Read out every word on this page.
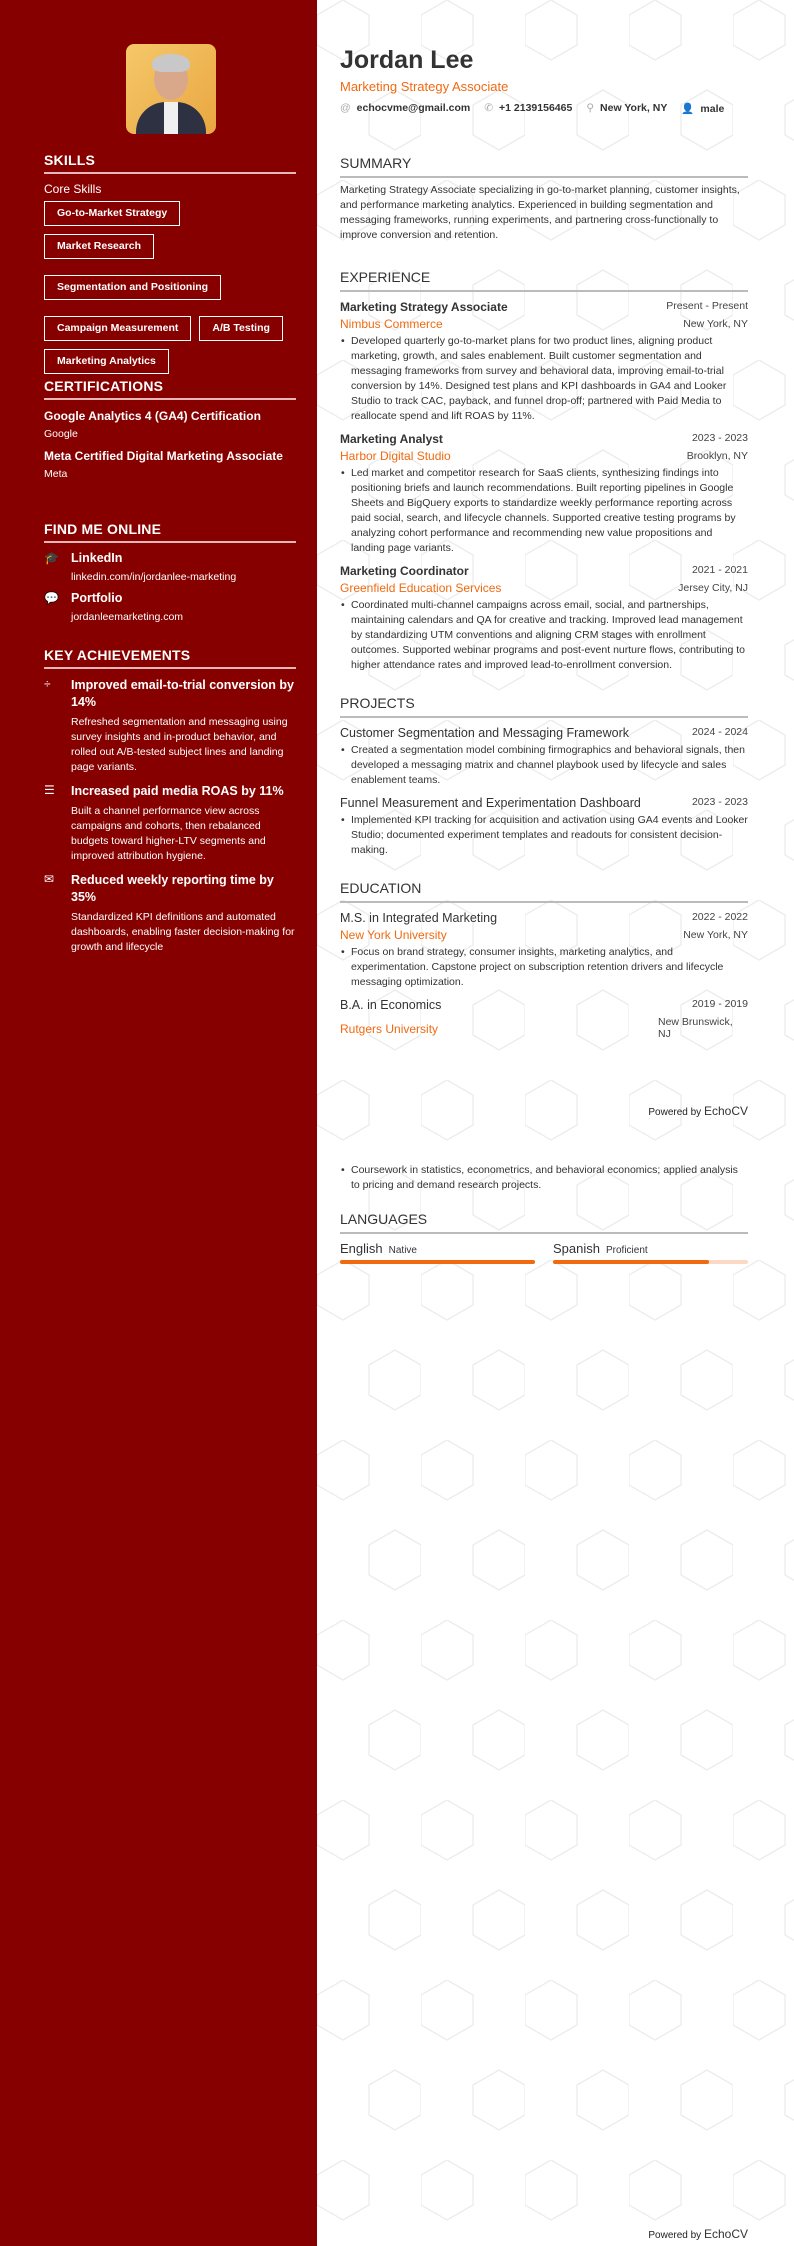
SKILLS
Core Skills
Go-to-Market Strategy
Market Research
Segmentation and Positioning
Campaign Measurement	A/B Testing
Marketing Analytics
CERTIFICATIONS
Google Analytics 4 (GA4) Certification
Google
Meta Certified Digital Marketing Associate
Meta
FIND ME ONLINE
🎓 LinkedIn
linkedin.com/in/jordanlee-marketing
💬 Portfolio
jordanleemarketing.com
KEY ACHIEVEMENTS
÷	Improved email-to-trial conversion by 14%
Refreshed segmentation and messaging using survey insights and in-product behavior, and rolled out A/B-tested subject lines and landing page variants.
☰	Increased paid media ROAS by 11%
Built a channel performance view across campaigns and cohorts, then rebalanced budgets toward higher-LTV segments and improved attribution hygiene.
✉	Reduced weekly reporting time by 35%
Standardized KPI definitions and automated dashboards, enabling faster decision-making for growth and lifecycle
Jordan Lee
Marketing Strategy Associate
@ echocvme@gmail.com ✆ +1 2139156465 ⚲ New York, NY 👤 male
SUMMARY
Marketing Strategy Associate specializing in go-to-market planning, customer insights, and performance marketing analytics. Experienced in building segmentation and messaging frameworks, running experiments, and partnering cross-functionally to improve conversion and retention.
EXPERIENCE
Marketing Strategy Associate	Present - Present
Nimbus Commerce	New York, NY
• Developed quarterly go-to-market plans for two product lines, aligning product marketing, growth, and sales enablement. Built customer segmentation and messaging frameworks from survey and behavioral data, improving email-to-trial conversion by 14%. Designed test plans and KPI dashboards in GA4 and Looker Studio to track CAC, payback, and funnel drop-off; partnered with Paid Media to reallocate spend and lift ROAS by 11%.
Marketing Analyst	2023 - 2023
Harbor Digital Studio	Brooklyn, NY
• Led market and competitor research for SaaS clients, synthesizing findings into positioning briefs and launch recommendations. Built reporting pipelines in Google Sheets and BigQuery exports to standardize weekly performance reporting across paid social, search, and lifecycle channels. Supported creative testing programs by analyzing cohort performance and recommending new value propositions and landing page variants.
Marketing Coordinator	2021 - 2021
Greenfield Education Services	Jersey City, NJ
• Coordinated multi-channel campaigns across email, social, and partnerships, maintaining calendars and QA for creative and tracking. Improved lead management by standardizing UTM conventions and aligning CRM stages with enrollment outcomes. Supported webinar programs and post-event nurture flows, contributing to higher attendance rates and improved lead-to-enrollment conversion.
PROJECTS
Customer Segmentation and Messaging Framework	2024 - 2024
• Created a segmentation model combining firmographics and behavioral signals, then developed a messaging matrix and channel playbook used by lifecycle and sales enablement teams.
Funnel Measurement and Experimentation Dashboard	2023 - 2023
• Implemented KPI tracking for acquisition and activation using GA4 events and Looker Studio; documented experiment templates and readouts for consistent decision-making.
EDUCATION
M.S. in Integrated Marketing	2022 - 2022
New York University	New York, NY
• Focus on brand strategy, consumer insights, marketing analytics, and experimentation. Capstone project on subscription retention drivers and lifecycle messaging optimization.
B.A. in Economics	2019 - 2019
Rutgers University	New Brunswick, NJ
Powered by EchoCV
• Coursework in statistics, econometrics, and behavioral economics; applied analysis to pricing and demand research projects.
LANGUAGES
English Native	Spanish Proficient
Powered by EchoCV
